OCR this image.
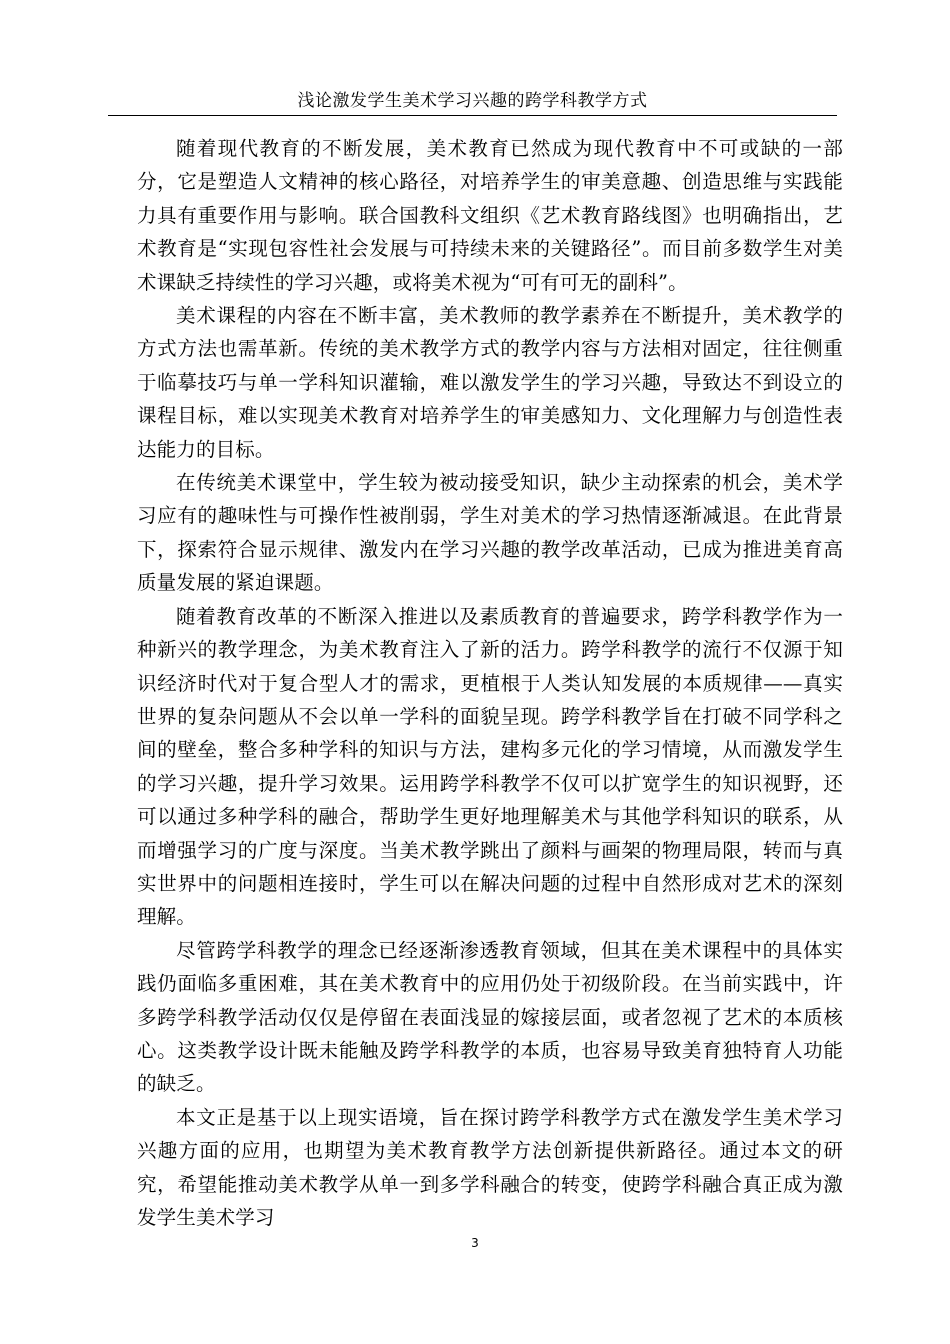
浅论激发学生美术学习兴趣的跨学科教学方式

随着现代教育的不断发展，美术教育已然成为现代教育中不可或缺的一部分，它是塑造人文精神的核心路径，对培养学生的审美意趣、创造思维与实践能力具有重要作用与影响。联合国教科文组织《艺术教育路线图》也明确指出，艺术教育是“实现包容性社会发展与可持续未来的关键路径”。而目前多数学生对美术课缺乏持续性的学习兴趣，或将美术视为“可有可无的副科”。

美术课程的内容在不断丰富，美术教师的教学素养在不断提升，美术教学的方式方法也需革新。传统的美术教学方式的教学内容与方法相对固定，往往侧重于临摹技巧与单一学科知识灌输，难以激发学生的学习兴趣，导致达不到设立的课程目标，难以实现美术教育对培养学生的审美感知力、文化理解力与创造性表达能力的目标。

在传统美术课堂中，学生较为被动接受知识，缺少主动探索的机会，美术学习应有的趣味性与可操作性被削弱，学生对美术的学习热情逐渐减退。在此背景下，探索符合显示规律、激发内在学习兴趣的教学改革活动，已成为推进美育高质量发展的紧迫课题。

随着教育改革的不断深入推进以及素质教育的普遍要求，跨学科教学作为一种新兴的教学理念，为美术教育注入了新的活力。跨学科教学的流行不仅源于知识经济时代对于复合型人才的需求，更植根于人类认知发展的本质规律——真实世界的复杂问题从不会以单一学科的面貌呈现。跨学科教学旨在打破不同学科之间的壁垒，整合多种学科的知识与方法，建构多元化的学习情境，从而激发学生的学习兴趣，提升学习效果。运用跨学科教学不仅可以扩宽学生的知识视野，还可以通过多种学科的融合，帮助学生更好地理解美术与其他学科知识的联系，从而增强学习的广度与深度。当美术教学跳出了颜料与画架的物理局限，转而与真实世界中的问题相连接时，学生可以在解决问题的过程中自然形成对艺术的深刻理解。

尽管跨学科教学的理念已经逐渐渗透教育领域，但其在美术课程中的具体实践仍面临多重困难，其在美术教育中的应用仍处于初级阶段。在当前实践中，许多跨学科教学活动仅仅是停留在表面浅显的嫁接层面，或者忽视了艺术的本质核心。这类教学设计既未能触及跨学科教学的本质，也容易导致美育独特育人功能的缺乏。

本文正是基于以上现实语境，旨在探讨跨学科教学方式在激发学生美术学习兴趣方面的应用，也期望为美术教育教学方法创新提供新路径。通过本文的研究，希望能推动美术教学从单一到多学科融合的转变，使跨学科融合真正成为激发学生美术学习

3
